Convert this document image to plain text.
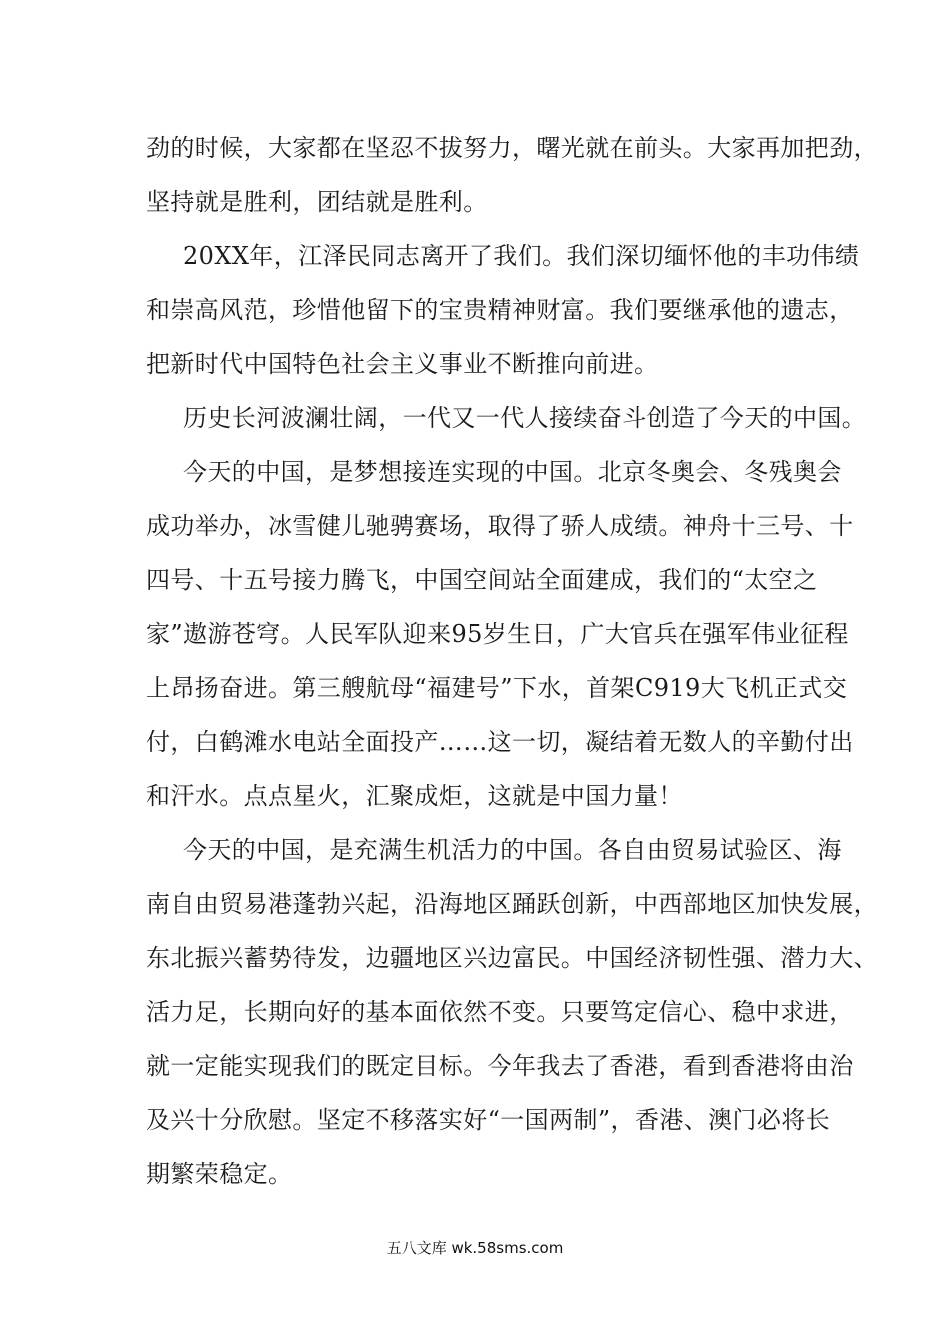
劲的时候，大家都在坚忍不拔努力，曙光就在前头。大家再加把劲，
坚持就是胜利，团结就是胜利。
20XX年，江泽民同志离开了我们。我们深切缅怀他的丰功伟绩
和崇高风范，珍惜他留下的宝贵精神财富。我们要继承他的遗志，
把新时代中国特色社会主义事业不断推向前进。
历史长河波澜壮阔，一代又一代人接续奋斗创造了今天的中国。
今天的中国，是梦想接连实现的中国。北京冬奥会、冬残奥会
成功举办，冰雪健儿驰骋赛场，取得了骄人成绩。神舟十三号、十
四号、十五号接力腾飞，中国空间站全面建成，我们的“太空之
家”遨游苍穹。人民军队迎来95岁生日，广大官兵在强军伟业征程
上昂扬奋进。第三艘航母“福建号”下水，首架C919大飞机正式交
付，白鹤滩水电站全面投产……这一切，凝结着无数人的辛勤付出
和汗水。点点星火，汇聚成炬，这就是中国力量！
今天的中国，是充满生机活力的中国。各自由贸易试验区、海
南自由贸易港蓬勃兴起，沿海地区踊跃创新，中西部地区加快发展，
东北振兴蓄势待发，边疆地区兴边富民。中国经济韧性强、潜力大、
活力足，长期向好的基本面依然不变。只要笃定信心、稳中求进，
就一定能实现我们的既定目标。今年我去了香港，看到香港将由治
及兴十分欣慰。坚定不移落实好“一国两制”，香港、澳门必将长
期繁荣稳定。
五八文库 wk.58sms.com
